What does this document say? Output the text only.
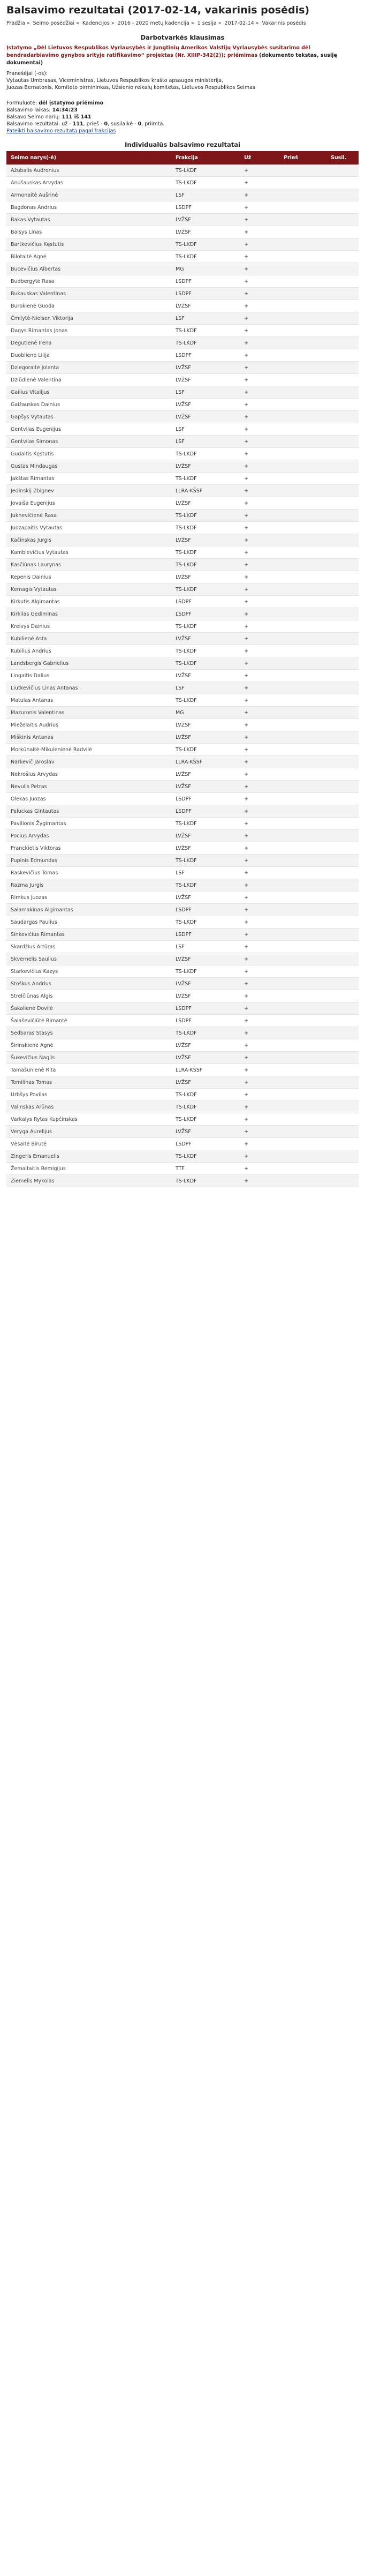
Balsavimo rezultatai (2017-02-14, vakarinis posėdis)
Pradžia » Seimo posėdžiai » Kadencijos » 2016 - 2020 metų kadencija » 1 sesija » 2017-02-14 » Vakarinis posėdis
Darbotvarkės klausimas
Įstatymo „Dėl Lietuvos Respublikos Vyriausybės ir Jungtinių Amerikos Valstijų Vyriausybės susitarimo dėl bendradarbiavimo gynybos srityje ratifikavimo“ projektas (Nr. XIIIP-342(2)); priėmimas (dokumento tekstas, susiję dokumentai)
Pranešėjai (-os):
Vytautas Umbrasas, Viceministras, Lietuvos Respublikos krašto apsaugos ministerija,
Juozas Bernatonis, Komiteto pirmininkas, Užsienio reikalų komitetas, Lietuvos Respublikos Seimas
Formuluotė: dėl įstatymo priėmimo
Balsavimo laikas: 14:34:23
Balsavo Seimo narių: 111 iš 141
Balsavimo rezultatai: už - 111, prieš - 0, susilaikė - 0, priimta.
Pateikti balsavimo rezultatą pagal frakcijas
Individualūs balsavimo rezultatai
Seimo narys(-ė)	Frakcija	Už	Prieš	Susil.
Ažubalis Audronius	TS-LKDF	+		
Anušauskas Arvydas	TS-LKDF	+		
Armonaitė Aušrinė	LSF	+		
Bagdonas Andrius	LSDPF	+		
Bakas Vytautas	LVŽSF	+		
Balsys Linas	LVŽSF	+		
Bartkevičius Kęstutis	TS-LKDF	+		
Bilotaitė Agnė	TS-LKDF	+		
Bucevičius Albertas	MG	+		
Budbergytė Rasa	LSDPF	+		
Bukauskas Valentinas	LSDPF	+		
Burokienė Guoda	LVŽSF	+		
Čmilytė-Nielsen Viktorija	LSF	+		
Dagys Rimantas Jonas	TS-LKDF	+		
Degutienė Irena	TS-LKDF	+		
Duoblienė Lilija	LSDPF	+		
Dziegoraitė Jolanta	LVŽSF	+		
Dziūdienė Valentina	LVŽSF	+		
Gailius Vitalijus	LSF	+		
Gaižauskas Dainius	LVŽSF	+		
Gapšys Vytautas	LVŽSF	+		
Gentvilas Eugenijus	LSF	+		
Gentvilas Simonas	LSF	+		
Gudaitis Kęstutis	TS-LKDF	+		
Gustas Mindaugas	LVŽSF	+		
Jakštas Rimantas	TS-LKDF	+		
Jedinskij Zbignev	LLRA-KŠSF	+		
Jovaiša Eugenijus	LVŽSF	+		
Juknevičienė Rasa	TS-LKDF	+		
Juozapaitis Vytautas	TS-LKDF	+		
Kačinskas Jurgis	LVŽSF	+		
Kamblevičius Vytautas	TS-LKDF	+		
Kasčiūnas Laurynas	TS-LKDF	+		
Kepenis Dainius	LVŽSF	+		
Kernagis Vytautas	TS-LKDF	+		
Kirkutis Algimantas	LSDPF	+		
Kirkilas Gediminas	LSDPF	+		
Kreivys Dainius	TS-LKDF	+		
Kubilienė Asta	LVŽSF	+		
Kubilius Andrius	TS-LKDF	+		
Landsbergis Gabrielius	TS-LKDF	+		
Lingaitis Dalius	LVŽSF	+		
Liutkevičius Linas Antanas	LSF	+		
Matulas Antanas	TS-LKDF	+		
Mazuronis Valentinas	MG	+		
Mieželaitis Audrius	LVŽSF	+		
Miškinis Antanas	LVŽSF	+		
Morkūnaitė-Mikulėnienė Radvilė	TS-LKDF	+		
Narkevič Jaroslav	LLRA-KŠSF	+		
Nekrošius Arvydas	LVŽSF	+		
Nevulis Petras	LVŽSF	+		
Olekas Juozas	LSDPF	+		
Paluckas Gintautas	LSDPF	+		
Pavilionis Žygimantas	TS-LKDF	+		
Pocius Arvydas	LVŽSF	+		
Pranckietis Viktoras	LVŽSF	+		
Pupinis Edmundas	TS-LKDF	+		
Raskevičius Tomas	LSF	+		
Razma Jurgis	TS-LKDF	+		
Rimkus Juozas	LVŽSF	+		
Salamakinas Algimantas	LSDPF	+		
Saudargas Paulius	TS-LKDF	+		
Sinkevičius Rimantas	LSDPF	+		
Skardžius Artūras	LSF	+		
Skvernelis Saulius	LVŽSF	+		
Starkevičius Kazys	TS-LKDF	+		
Stoškus Andrius	LVŽSF	+		
Strelčiūnas Algis	LVŽSF	+		
Šakalienė Dovilė	LSDPF	+		
Šalaševičiūtė Rimantė	LSDPF	+		
Šedbaras Stasys	TS-LKDF	+		
Širinskienė Agnė	LVŽSF	+		
Šukevičius Naglis	LVŽSF	+		
Tamašunienė Rita	LLRA-KŠSF	+		
Tomilinas Tomas	LVŽSF	+		
Urbšys Povilas	TS-LKDF	+		
Valinskas Arūnas	TS-LKDF	+		
Varkalys Rytas Kupčinskas	TS-LKDF	+		
Veryga Aurelijus	LVŽSF	+		
Vėsaitė Birutė	LSDPF	+		
Zingeris Emanuelis	TS-LKDF	+		
Žemaitaitis Remigijus	TTF	+		
Žiemelis Mykolas	TS-LKDF	+		
